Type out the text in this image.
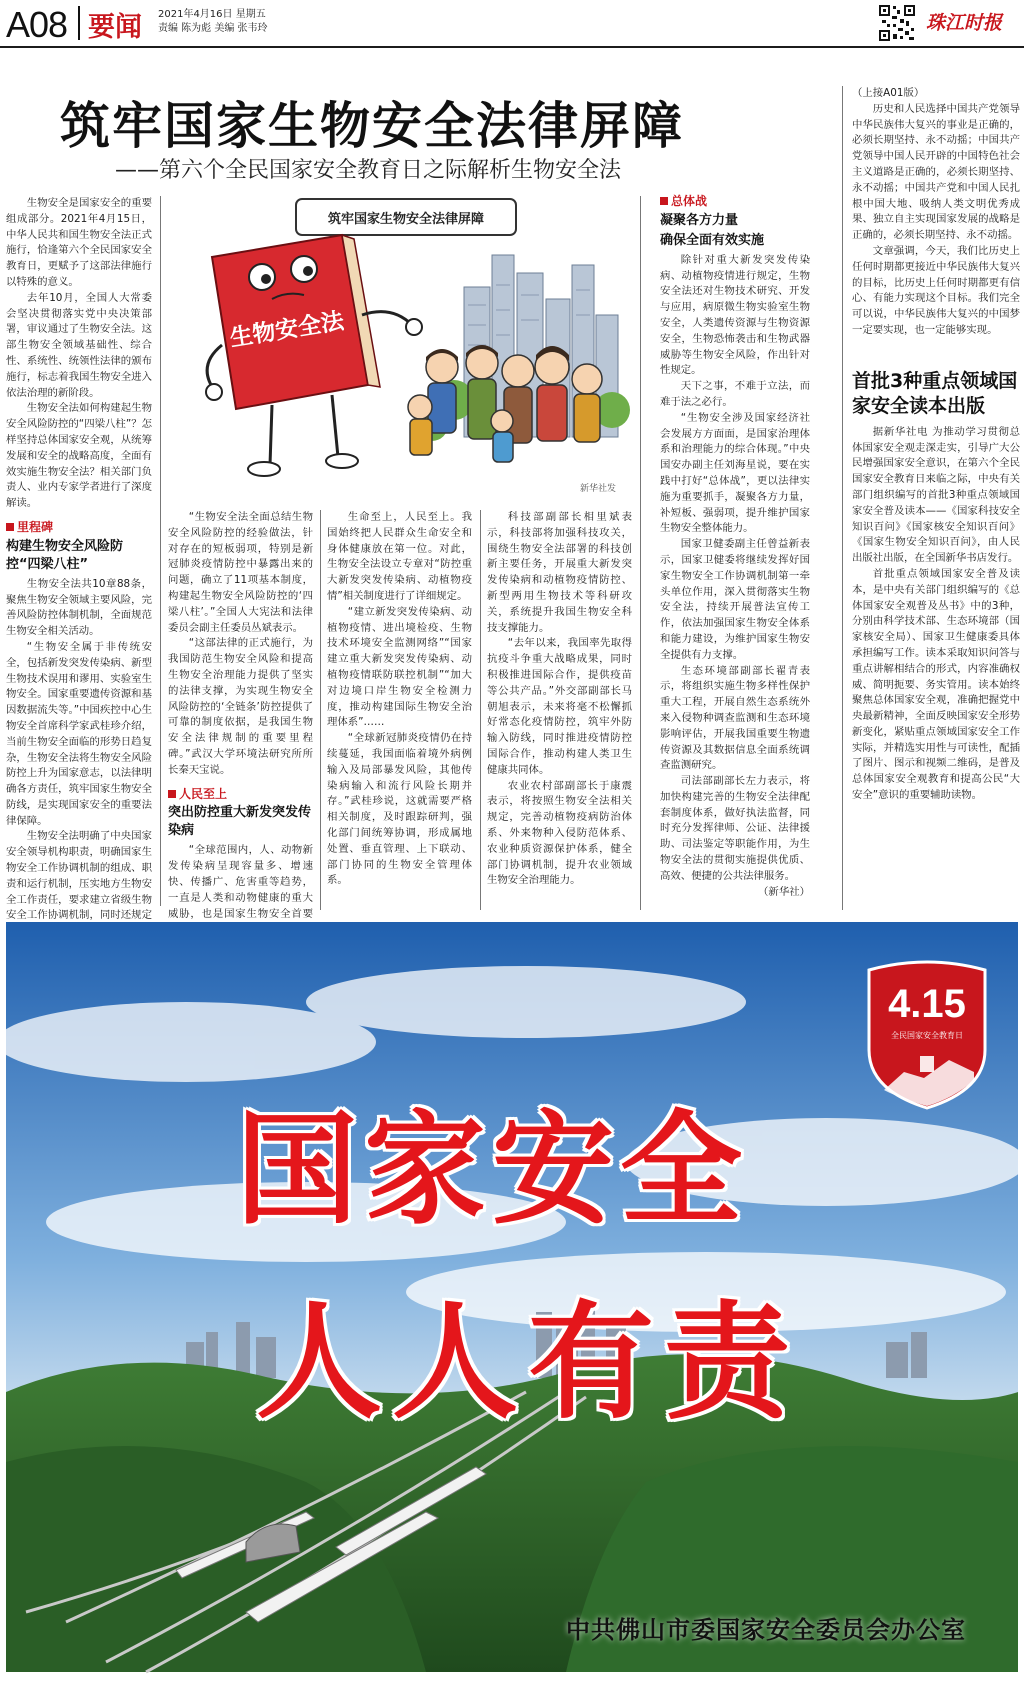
A08 要闻 2021年4月16日 星期五
责编 陈为彪 美编 张韦玲	珠江时报
筑牢国家生物安全法律屏障
——第六个全民国家安全教育日之际解析生物安全法

生物安全是国家安全的重要组成部分。2021年4月15日，中华人民共和国生物安全法正式施行，恰逢第六个全民国家安全教育日，更赋予了这部法律施行以特殊的意义。

去年10月，全国人大常委会坚决贯彻落实党中央决策部署，审议通过了生物安全法。这部生物安全领域基础性、综合性、系统性、统领性法律的颁布施行，标志着我国生物安全进入依法治理的新阶段。

生物安全法如何构建起生物安全风险防控的“四梁八柱”？怎样坚持总体国家安全观，从统筹发展和安全的战略高度，全面有效实施生物安全法？相关部门负责人、业内专家学者进行了深度解读。

里程碑
构建生物安全风险防控“四梁八柱”

生物安全法共10章88条，聚焦生物安全领域主要风险，完善风险防控体制机制，全面规范生物安全相关活动。

“生物安全属于非传统安全，包括新发突发传染病、新型生物技术误用和谬用、实验室生物安全。国家重要遗传资源和基因数据流失等。”中国疾控中心生物安全首席科学家武桂珍介绍，当前生物安全面临的形势日趋复杂，生物安全法将生物安全风险防控上升为国家意志，以法律明确各方责任，筑牢国家生物安全防线，是实现国家安全的重要法律保障。

生物安全法明确了中央国家安全领导机构职责，明确国家生物安全工作协调机制的组成、职责和运行机制，压实地方生物安全工作责任，要求建立省级生物安全工作协调机制，同时还规定

筑牢国家生物安全法律屏障
生物安全法
新华社发

“生物安全法全面总结生物安全风险防控的经验做法，针对存在的短板弱项，特别是新冠肺炎疫情防控中暴露出来的问题，确立了11项基本制度，构建起生物安全风险防控的‘四梁八柱’。”全国人大宪法和法律委员会副主任委员丛斌表示。

“这部法律的正式施行，为我国防范生物安全风险和提高生物安全治理能力提供了坚实的法律支撑，为实现生物安全风险防控的‘全链条’防控提供了可靠的制度依据，是我国生物安全法律规制的重要里程碑。”武汉大学环境法研究所所长秦天宝说。

人民至上
突出防控重大新发突发传染病

“全球范围内，人、动物新发传染病呈现容量多、增速快、传播广、危害重等趋势，一直是人类和动物健康的重大威胁，也是国家生物安全首要

生命至上，人民至上。我国始终把人民群众生命安全和身体健康放在第一位。对此，生物安全法设立专章对“防控重大新发突发传染病、动植物疫情”相关制度进行了详细规定。

“建立新发突发传染病、动植物疫情、进出境检疫、生物技术环境安全监测网络”“国家建立重大新发突发传染病、动植物疫情联防联控机制”“加大对边境口岸生物安全检测力度，推动构建国际生物安全治理体系”……

“全球新冠肺炎疫情仍在持续蔓延，我国面临着境外病例输入及局部暴发风险，其他传染病输入和流行风险长期并存。”武桂珍说，这就需要严格相关制度，及时跟踪研判，强化部门间统筹协调，形成属地处置、垂直管理、上下联动、部门协同的生物安全管理体系。

科技部副部长相里斌表示，科技部将加强科技攻关，围绕生物安全法部署的科技创新主要任务，开展重大新发突发传染病和动植物疫情防控、新型两用生物技术等科研攻关，系统提升我国生物安全科技支撑能力。

“去年以来，我国率先取得抗疫斗争重大战略成果，同时积极推进国际合作，提供疫苗等公共产品。”外交部副部长马朝旭表示，未来将毫不松懈抓好常态化疫情防控，筑牢外防输入防线，同时推进疫情防控国际合作，推动构建人类卫生健康共同体。

农业农村部副部长于康震表示，将按照生物安全法相关规定，完善动植物疫病防治体系、外来物种入侵防范体系、农业种质资源保护体系，健全部门协调机制，提升农业领域生物安全治理能力。

总体战
凝聚各方力量
确保全面有效实施

除针对重大新发突发传染病、动植物疫情进行规定，生物安全法还对生物技术研究、开发与应用，病原微生物实验室生物安全，人类遗传资源与生物资源安全，生物恐怖袭击和生物武器威胁等生物安全风险，作出针对性规定。

天下之事，不难于立法，而难于法之必行。

“生物安全涉及国家经济社会发展方方面面，是国家治理体系和治理能力的综合体现。”中央国安办副主任刘海星说，要在实践中打好“总体战”，更以法律实施为重要抓手，凝聚各方力量，补短板、强弱项，提升维护国家生物安全整体能力。

国家卫健委副主任曾益新表示，国家卫健委将继续发挥好国家生物安全工作协调机制第一牵头单位作用，深入贯彻落实生物安全法，持续开展普法宣传工作，依法加强国家生物安全体系和能力建设，为维护国家生物安全提供有力支撑。

生态环境部副部长翟青表示，将组织实施生物多样性保护重大工程，开展自然生态系统外来入侵物种调查监测和生态环境影响评估，开展我国重要生物遗传资源及其数据信息全面系统调查监测研究。

司法部副部长左力表示，将加快构建完善的生物安全法律配套制度体系，做好执法监督，同时充分发挥律师、公证、法律援助、司法鉴定等职能作用，为生物安全法的贯彻实施提供优质、高效、便捷的公共法律服务。

（新华社）
（上接A01版）

历史和人民选择中国共产党领导中华民族伟大复兴的事业是正确的，必须长期坚持、永不动摇；中国共产党领导中国人民开辟的中国特色社会主义道路是正确的，必须长期坚持、永不动摇；中国共产党和中国人民扎根中国大地、吸纳人类文明优秀成果、独立自主实现国家发展的战略是正确的，必须长期坚持、永不动摇。

文章强调，今天，我们比历史上任何时期都更接近中华民族伟大复兴的目标，比历史上任何时期都更有信心、有能力实现这个目标。我们完全可以说，中华民族伟大复兴的中国梦一定要实现，也一定能够实现。

首批3种重点领域国家安全读本出版

据新华社电 为推动学习贯彻总体国家安全观走深走实，引导广大公民增强国家安全意识，在第六个全民国家安全教育日来临之际，中央有关部门组织编写的首批3种重点领域国家安全普及读本——《国家科技安全知识百问》《国家核安全知识百问》《国家生物安全知识百问》，由人民出版社出版，在全国新华书店发行。

首批重点领域国家安全普及读本，是中央有关部门组织编写的《总体国家安全观普及丛书》中的3种，分别由科学技术部、生态环境部（国家核安全局）、国家卫生健康委具体承担编写工作。读本采取知识问答与重点讲解相结合的形式，内容准确权威、简明扼要、务实管用。读本始终聚焦总体国家安全观，准确把握党中央最新精神，全面反映国家安全形势新变化，紧贴重点领域国家安全工作实际，并精选实用性与可读性，配插了图片、图示和视频二维码，是普及总体国家安全观教育和提高公民“大安全”意识的重要辅助读物。

4.15
全民国家安全教育日
国家安全
人人有责
中共佛山市委国家安全委员会办公室
